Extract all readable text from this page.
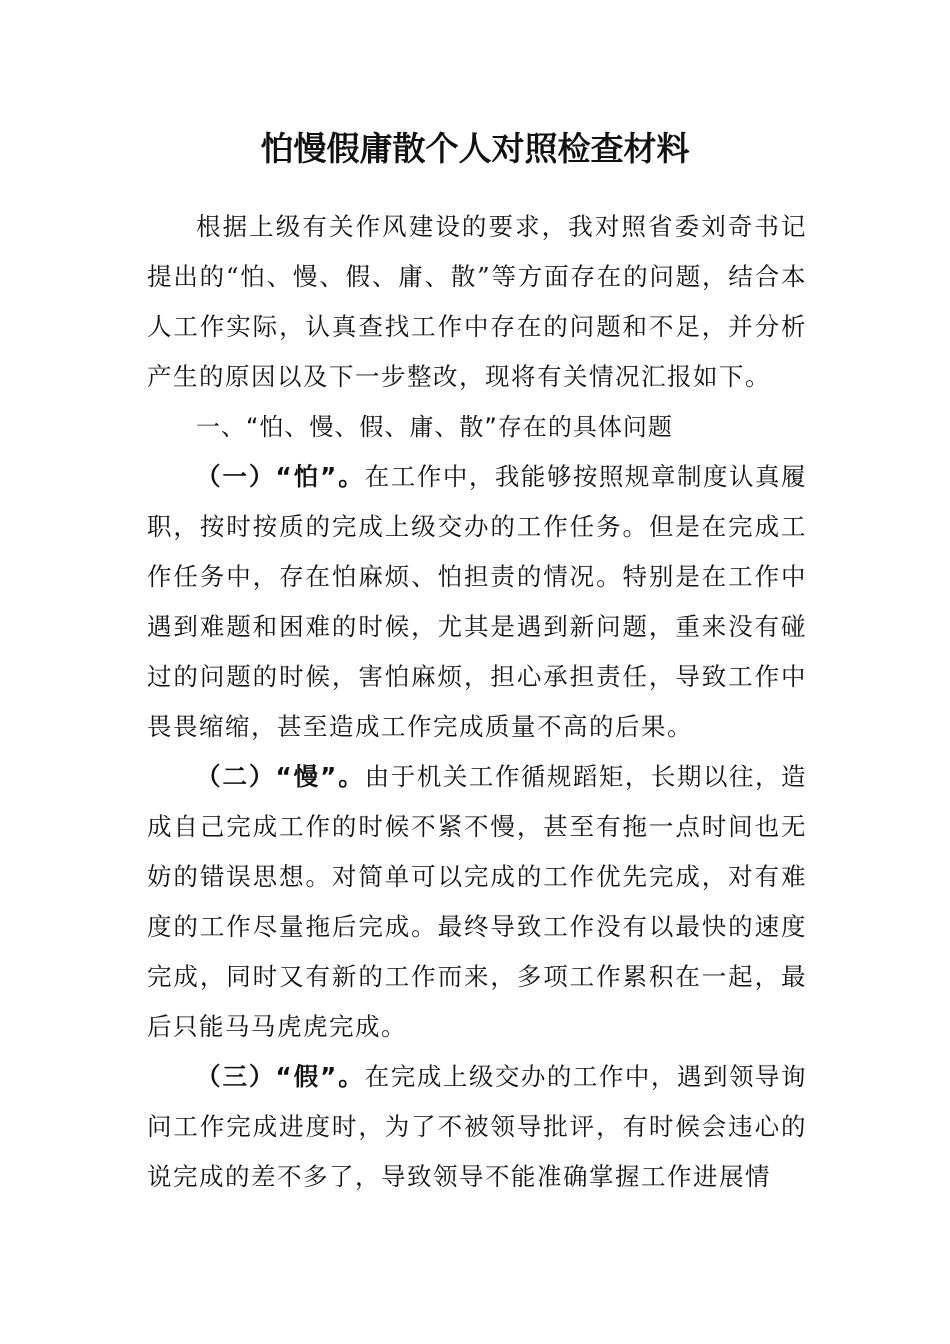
怕慢假庸散个人对照检查材料

根据上级有关作风建设的要求，我对照省委刘奇书记提出的“怕、慢、假、庸、散”等方面存在的问题，结合本人工作实际，认真查找工作中存在的问题和不足，并分析产生的原因以及下一步整改，现将有关情况汇报如下。

一、“怕、慢、假、庸、散”存在的具体问题

（一）“怕”。在工作中，我能够按照规章制度认真履职，按时按质的完成上级交办的工作任务。但是在完成工作任务中，存在怕麻烦、怕担责的情况。特别是在工作中遇到难题和困难的时候，尤其是遇到新问题，重来没有碰过的问题的时候，害怕麻烦，担心承担责任，导致工作中畏畏缩缩，甚至造成工作完成质量不高的后果。

（二）“慢”。由于机关工作循规蹈矩，长期以往，造成自己完成工作的时候不紧不慢，甚至有拖一点时间也无妨的错误思想。对简单可以完成的工作优先完成，对有难度的工作尽量拖后完成。最终导致工作没有以最快的速度完成，同时又有新的工作而来，多项工作累积在一起，最后只能马马虎虎完成。

（三）“假”。在完成上级交办的工作中，遇到领导询问工作完成进度时，为了不被领导批评，有时候会违心的说完成的差不多了，导致领导不能准确掌握工作进展情
